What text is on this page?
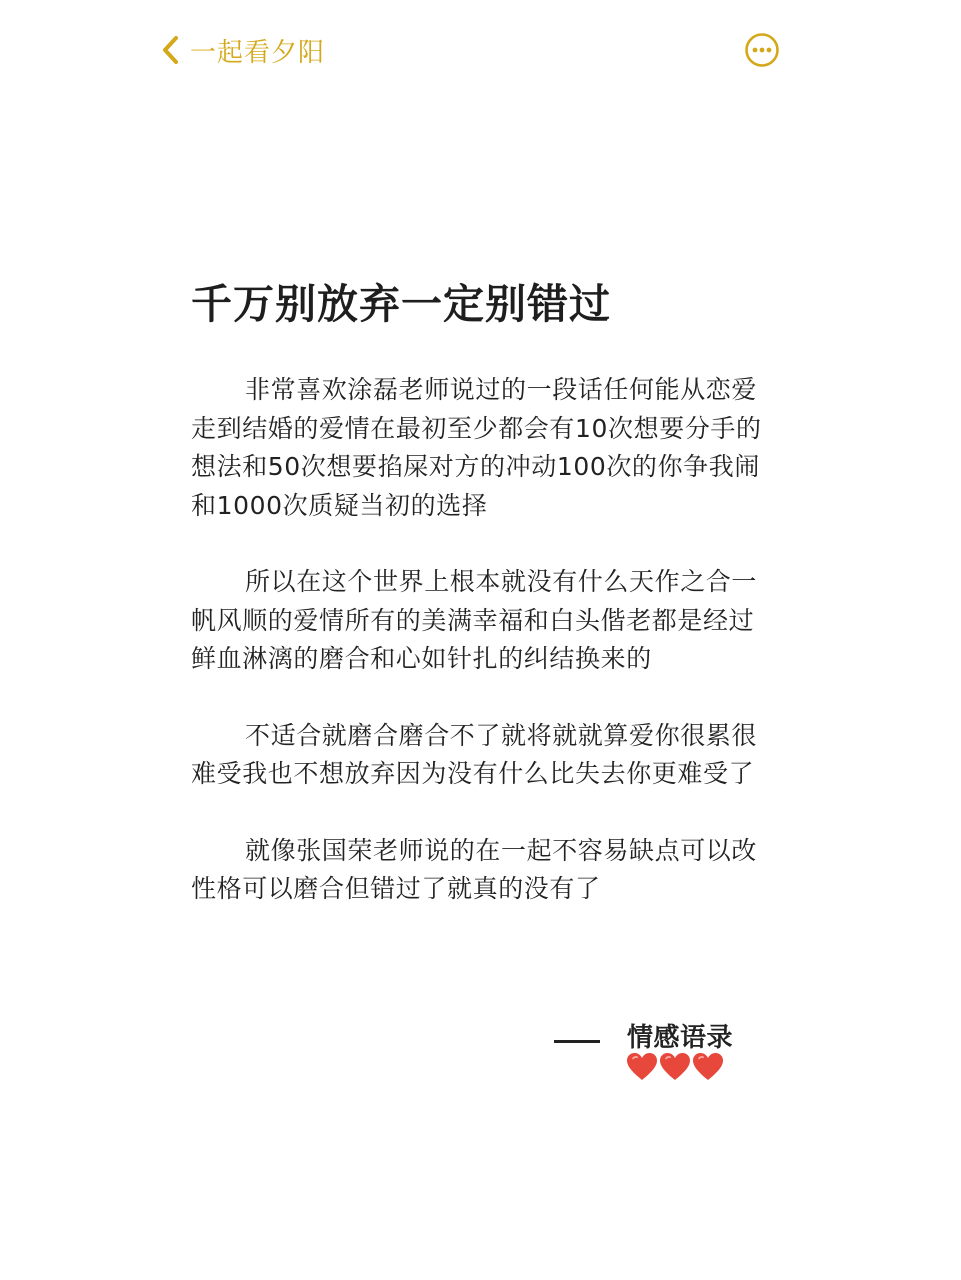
一起看夕阳
千万别放弃一定别错过

非常喜欢涂磊老师说过的一段话任何能从恋爱走到结婚的爱情在最初至少都会有10次想要分手的想法和50次想要掐屎对方的冲动100次的你争我闹和1000次质疑当初的选择

所以在这个世界上根本就没有什么天作之合一帆风顺的爱情所有的美满幸福和白头偕老都是经过鲜血淋漓的磨合和心如针扎的纠结换来的

不适合就磨合磨合不了就将就就算爱你很累很难受我也不想放弃因为没有什么比失去你更难受了

就像张国荣老师说的在一起不容易缺点可以改性格可以磨合但错过了就真的没有了

情感语录
